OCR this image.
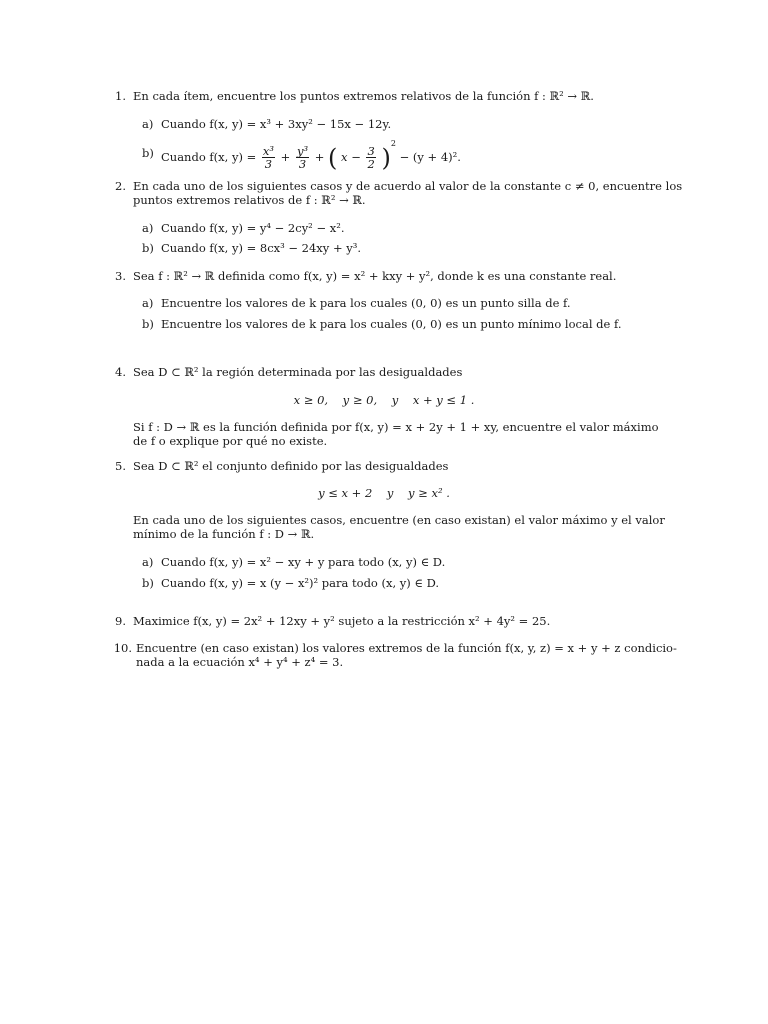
1. En cada ítem, encuentre los puntos extremos relativos de la función f : ℝ² → ℝ.
a) Cuando f(x, y) = x³ + 3xy² − 15x − 12y.
b) Cuando f(x, $y) = \frac{\text{x³}}{3} + \frac{\text{y³}}{3}$ + ( $x - \frac{3}{2} )^2 - (y + 4)^2$.
2. En cada uno de los siguientes casos y de acuerdo al valor de la constante c ≠ 0, encuentre los
puntos extremos relativos de f : ℝ² → ℝ.
a) Cuando f(x, y) = y⁴ − 2cy² − x².
b) Cuando f(x, y) = 8cx³ − 24xy + y³.
3. Sea f : ℝ² → ℝ definida como f(x, y) = x² + kxy + y², donde k es una constante real.
a) Encuentre los valores de k para los cuales (0, 0) es un punto silla de f.
b) Encuentre los valores de k para los cuales (0, 0) es un punto mínimo local de f.
4. Sea D ⊂ ℝ² la región determinada por las desigualdades
x ≥ 0,    y ≥ 0,    y    x + y ≤ 1 .
Si f : D → ℝ es la función definida por f(x, y) = x + 2y + 1 + xy, encuentre el valor máximo
de f o explique por qué no existe.
5. Sea D ⊂ ℝ² el conjunto definido por las desigualdades
y ≤ x + 2    y    y ≥ x² .
En cada uno de los siguientes casos, encuentre (en caso existan) el valor máximo y el valor
mínimo de la función f : D → ℝ.
a) Cuando f(x, y) = x² − xy + y para todo (x, y) ∈ D.
b) Cuando f(x, y) = x (y − x²)² para todo (x, y) ∈ D.
9. Maximice f(x, y) = 2x² + 12xy + y² sujeto a la restricción x² + 4y² = 25.
10. Encuentre (en caso existan) los valores extremos de la función f(x, y, z) = x + y + z condicio-
nada a la ecuación x⁴ + y⁴ + z⁴ = 3.
